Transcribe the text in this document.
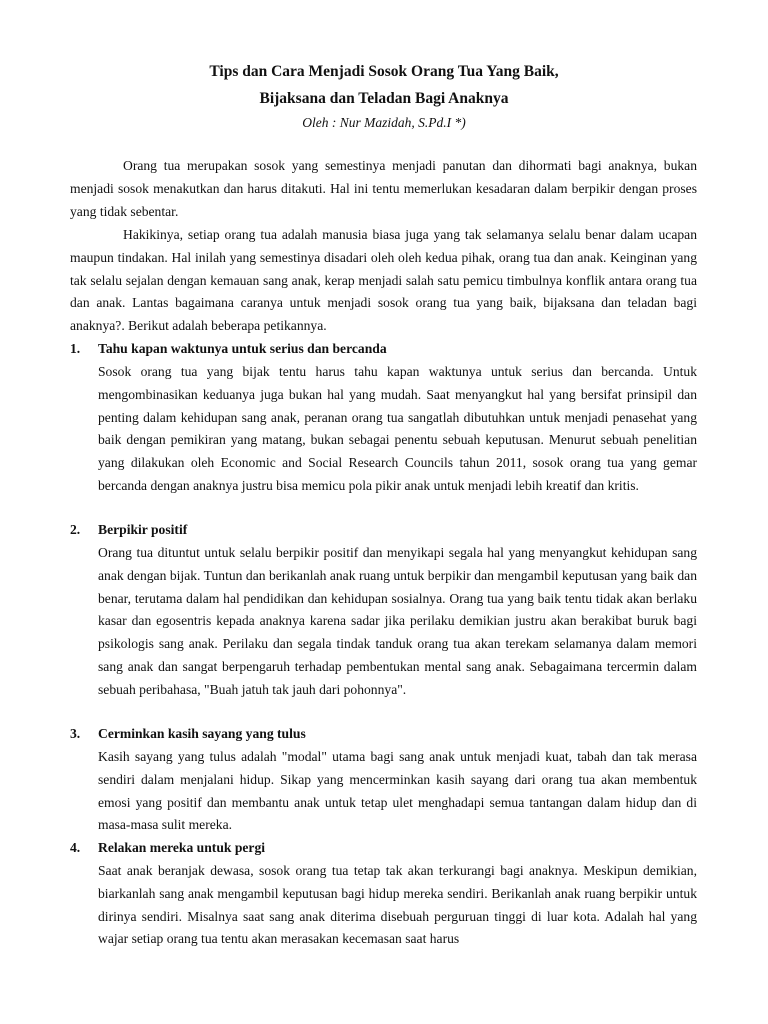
Tips dan Cara Menjadi Sosok Orang Tua Yang Baik,
Bijaksana dan Teladan Bagi Anaknya
Oleh : Nur Mazidah, S.Pd.I *)

Orang tua merupakan sosok yang semestinya menjadi panutan dan dihormati bagi anaknya, bukan menjadi sosok menakutkan dan harus ditakuti. Hal ini tentu memerlukan kesadaran dalam berpikir dengan proses yang tidak sebentar.

Hakikinya, setiap orang tua adalah manusia biasa juga yang tak selamanya selalu benar dalam ucapan maupun tindakan. Hal inilah yang semestinya disadari oleh oleh kedua pihak, orang tua dan anak. Keinginan yang tak selalu sejalan dengan kemauan sang anak, kerap menjadi salah satu pemicu timbulnya konflik antara orang tua dan anak. Lantas bagaimana caranya untuk menjadi sosok orang tua yang baik, bijaksana dan teladan bagi anaknya?. Berikut adalah beberapa petikannya.

1. Tahu kapan waktunya untuk serius dan bercanda

Sosok orang tua yang bijak tentu harus tahu kapan waktunya untuk serius dan bercanda. Untuk mengombinasikan keduanya juga bukan hal yang mudah. Saat menyangkut hal yang bersifat prinsipil dan penting dalam kehidupan sang anak, peranan orang tua sangatlah dibutuhkan untuk menjadi penasehat yang baik dengan pemikiran yang matang, bukan sebagai penentu sebuah keputusan. Menurut sebuah penelitian yang dilakukan oleh Economic and Social Research Councils tahun 2011, sosok orang tua yang gemar bercanda dengan anaknya justru bisa memicu pola pikir anak untuk menjadi lebih kreatif dan kritis.

2. Berpikir positif

Orang tua dituntut untuk selalu berpikir positif dan menyikapi segala hal yang menyangkut kehidupan sang anak dengan bijak. Tuntun dan berikanlah anak ruang untuk berpikir dan mengambil keputusan yang baik dan benar, terutama dalam hal pendidikan dan kehidupan sosialnya. Orang tua yang baik tentu tidak akan berlaku kasar dan egosentris kepada anaknya karena sadar jika perilaku demikian justru akan berakibat buruk bagi psikologis sang anak. Perilaku dan segala tindak tanduk orang tua akan terekam selamanya dalam memori sang anak dan sangat berpengaruh terhadap pembentukan mental sang anak. Sebagaimana tercermin dalam sebuah peribahasa, "Buah jatuh tak jauh dari pohonnya".

3. Cerminkan kasih sayang yang tulus

Kasih sayang yang tulus adalah "modal" utama bagi sang anak untuk menjadi kuat, tabah dan tak merasa sendiri dalam menjalani hidup. Sikap yang mencerminkan kasih sayang dari orang tua akan membentuk emosi yang positif dan membantu anak untuk tetap ulet menghadapi semua tantangan dalam hidup dan di masa-masa sulit mereka.

4. Relakan mereka untuk pergi

Saat anak beranjak dewasa, sosok orang tua tetap tak akan terkurangi bagi anaknya. Meskipun demikian, biarkanlah sang anak mengambil keputusan bagi hidup mereka sendiri. Berikanlah anak ruang berpikir untuk dirinya sendiri. Misalnya saat sang anak diterima disebuah perguruan tinggi di luar kota. Adalah hal yang wajar setiap orang tua tentu akan merasakan kecemasan saat harus
